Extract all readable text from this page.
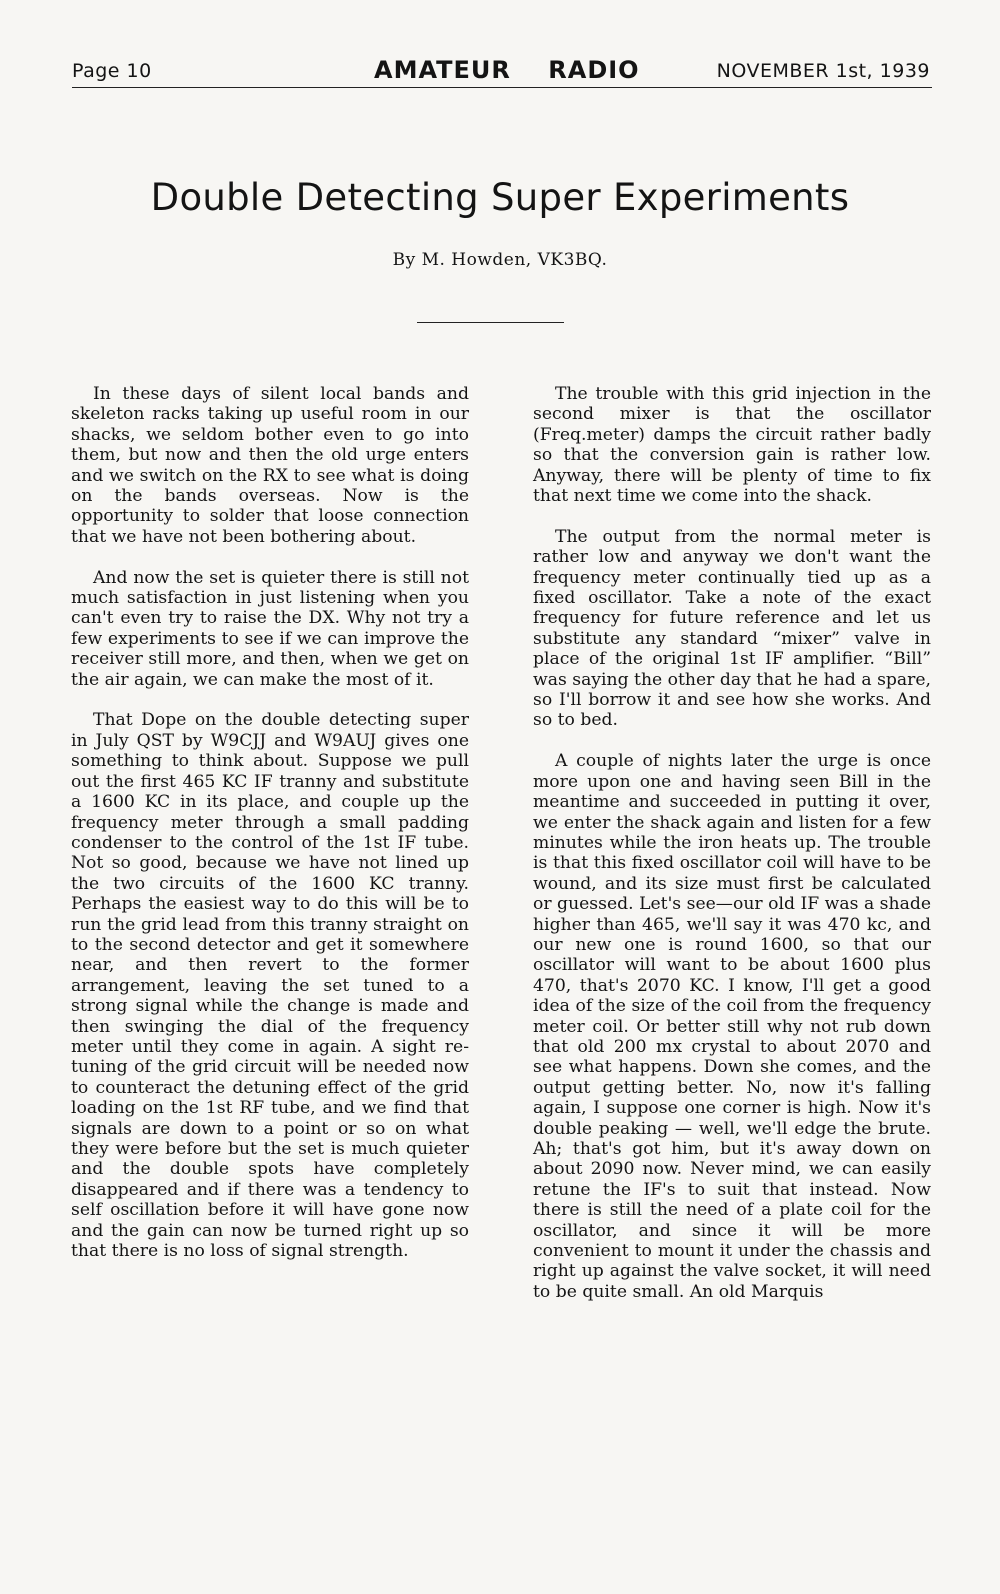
Page 10	AMATEUR RADIO	NOVEMBER 1st, 1939
Double Detecting Super Experiments
By M. Howden, VK3BQ.

In these days of silent local bands and skeleton racks taking up useful room in our shacks, we seldom bother even to go into them, but now and then the old urge enters and we switch on the RX to see what is doing on the bands overseas. Now is the opportunity to solder that loose connection that we have not been bothering about.

And now the set is quieter there is still not much satisfaction in just listening when you can't even try to raise the DX. Why not try a few experiments to see if we can improve the receiver still more, and then, when we get on the air again, we can make the most of it.

That Dope on the double detecting super in July QST by W9CJJ and W9AUJ gives one something to think about. Suppose we pull out the first 465 KC IF tranny and substitute a 1600 KC in its place, and couple up the frequency meter through a small padding condenser to the control of the 1st IF tube. Not so good, because we have not lined up the two circuits of the 1600 KC tranny. Perhaps the easiest way to do this will be to run the grid lead from this tranny straight on to the second detector and get it somewhere near, and then revert to the former arrangement, leaving the set tuned to a strong signal while the change is made and then swinging the dial of the frequency meter until they come in again. A sight re-tuning of the grid circuit will be needed now to counteract the detuning effect of the grid loading on the 1st RF tube, and we find that signals are down to a point or so on what they were before but the set is much quieter and the double spots have completely disappeared and if there was a tendency to self oscillation before it will have gone now and the gain can now be turned right up so that there is no loss of signal strength.

The trouble with this grid injection in the second mixer is that the oscillator (Freq.meter) damps the circuit rather badly so that the conversion gain is rather low. Anyway, there will be plenty of time to fix that next time we come into the shack.

The output from the normal meter is rather low and anyway we don't want the frequency meter continually tied up as a fixed oscillator. Take a note of the exact frequency for future reference and let us substitute any standard “mixer” valve in place of the original 1st IF amplifier. “Bill” was saying the other day that he had a spare, so I'll borrow it and see how she works. And so to bed.

A couple of nights later the urge is once more upon one and having seen Bill in the meantime and succeeded in putting it over, we enter the shack again and listen for a few minutes while the iron heats up. The trouble is that this fixed oscillator coil will have to be wound, and its size must first be calculated or guessed. Let's see—our old IF was a shade higher than 465, we'll say it was 470 kc, and our new one is round 1600, so that our oscillator will want to be about 1600 plus 470, that's 2070 KC. I know, I'll get a good idea of the size of the coil from the frequency meter coil. Or better still why not rub down that old 200 mx crystal to about 2070 and see what happens. Down she comes, and the output getting better. No, now it's falling again, I suppose one corner is high. Now it's double peaking — well, we'll edge the brute. Ah; that's got him, but it's away down on about 2090 now. Never mind, we can easily retune the IF's to suit that instead. Now there is still the need of a plate coil for the oscillator, and since it will be more convenient to mount it under the chassis and right up against the valve socket, it will need to be quite small. An old Marquis
